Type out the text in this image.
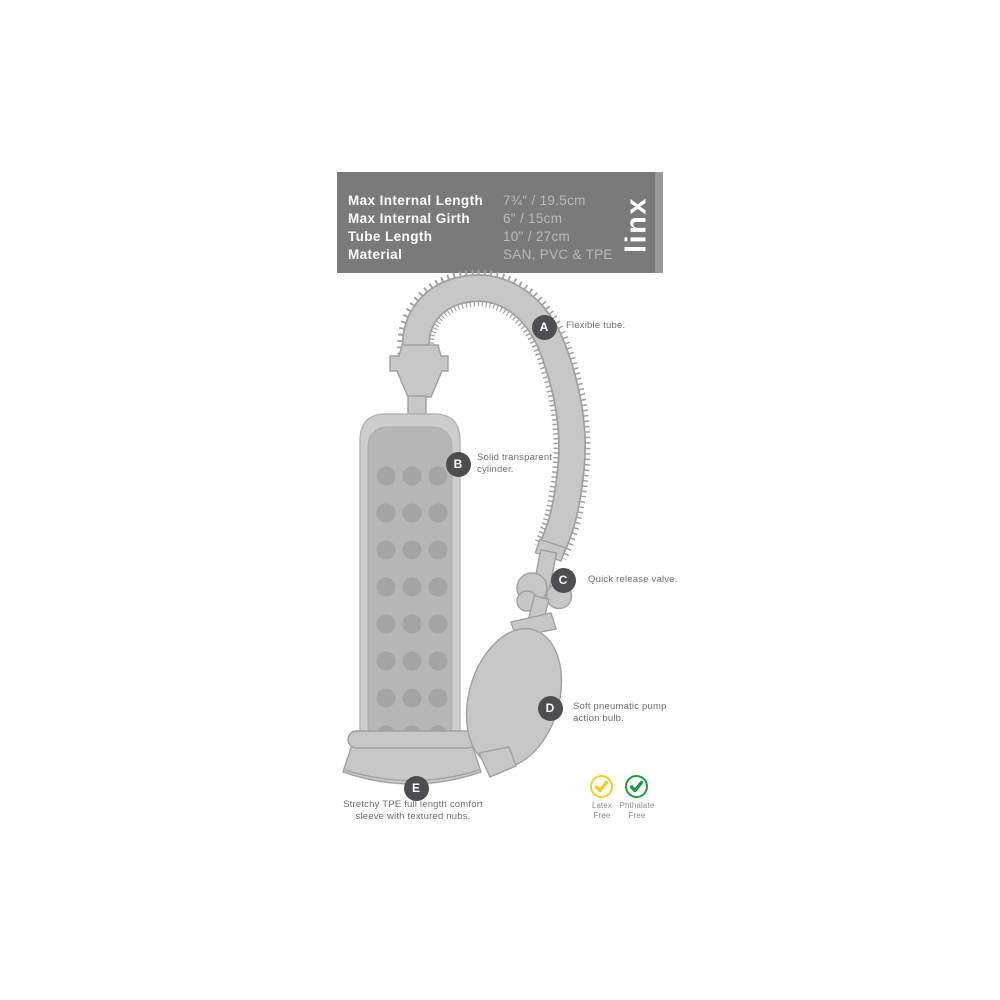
Max Internal Length	7¾" / 19.5cm
Max Internal Girth	6" / 15cm
Tube Length	10" / 27cm
Material	SAN, PVC & TPE
linx
A
B
C
D
E
Flexible tube.
Solid transparent
cylinder.
Quick release valve.
Soft pneumatic pump
action bulb.
Stretchy TPE full length comfort
sleeve with textured nubs.
Latex
Free
Phthalate
Free
